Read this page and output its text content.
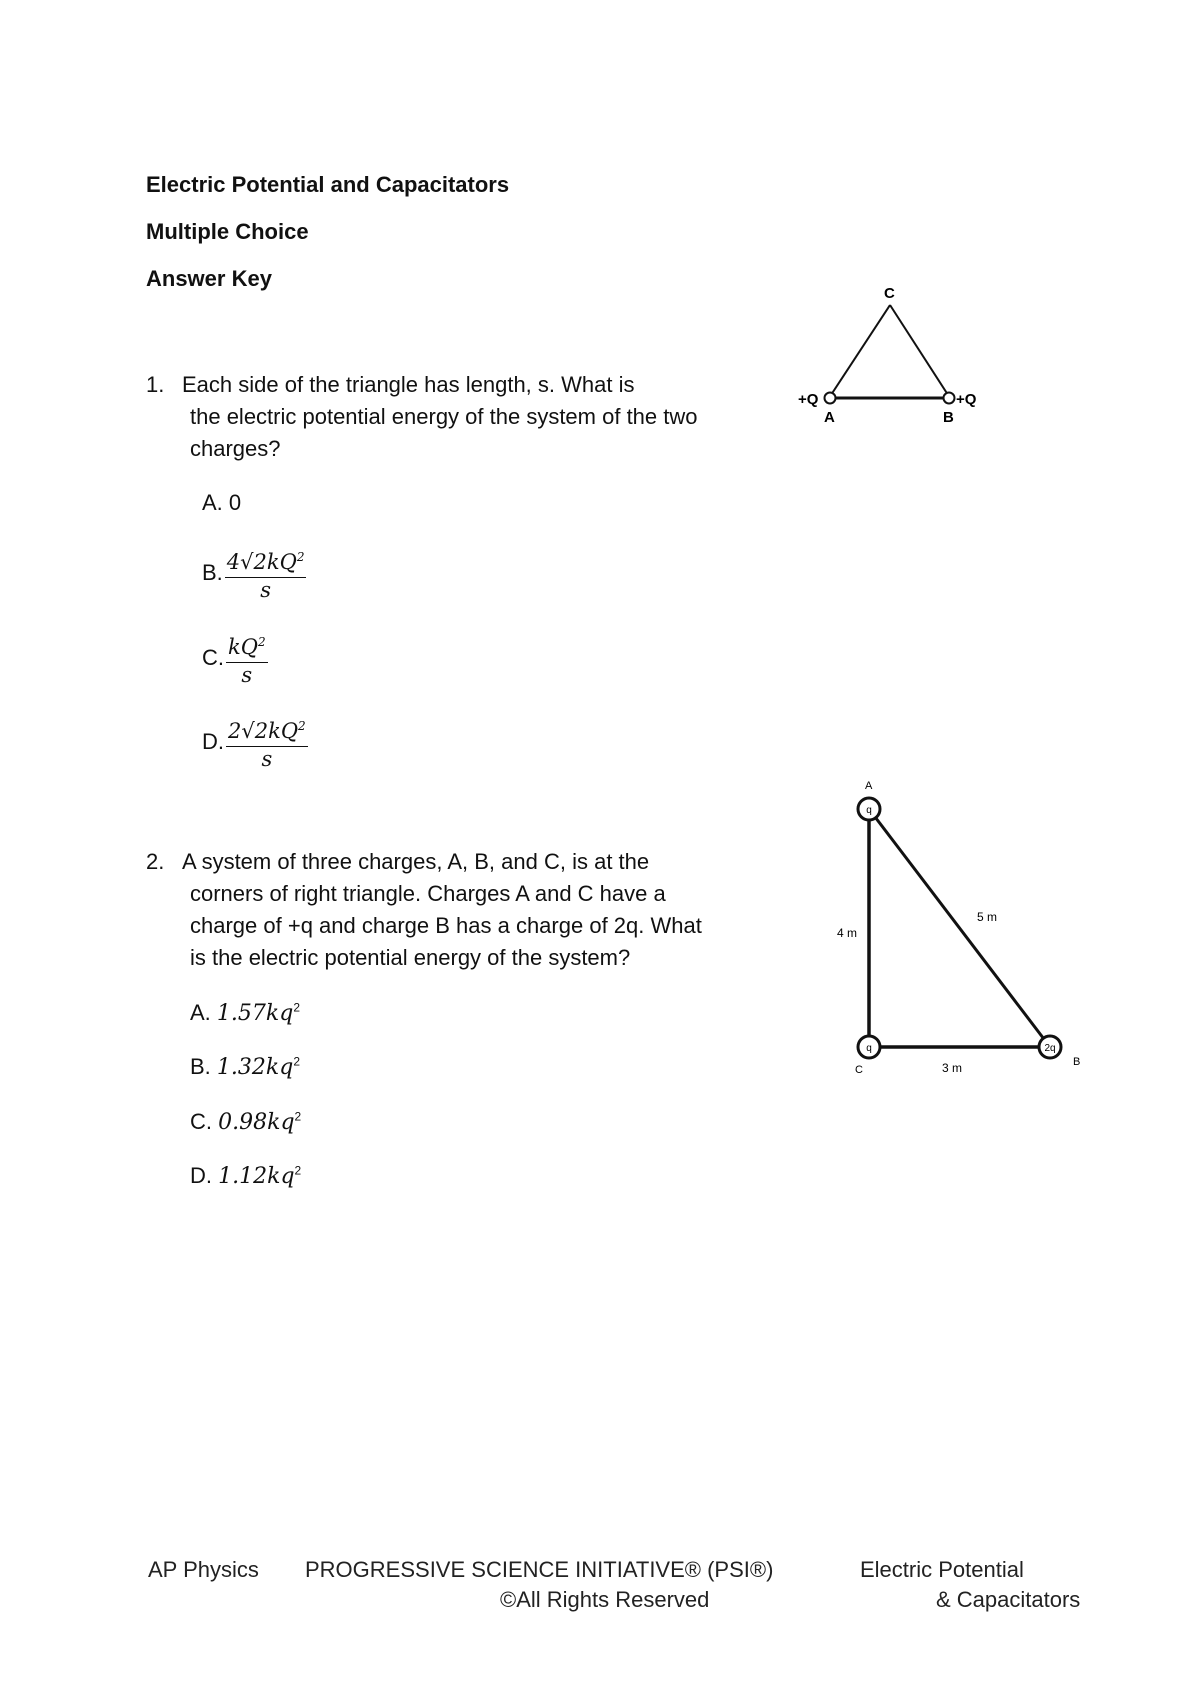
Electric Potential and Capacitators
Multiple Choice
Answer Key
1. Each side of the triangle has length, s. What is
the electric potential energy of the system of the two
charges?
A. 0
B. $\frac{4√2kQ^2}{s}$
C. $\frac{kQ^2}{s}$
D. $\frac{2√2kQ^2}{s}$
C
+Q	+Q
A	B
2. A system of three charges, A, B, and C, is at the
corners of right triangle. Charges A and C have a
charge of +q and charge B has a charge of 2q. What
is the electric potential energy of the system?
A. $1.57kq^2$
B. $1.32kq^2$
C. $0.98kq^2$
D. $1.12kq^2$
q
q	2q
A
C
B
4 m
5 m
3 m
AP Physics PROGRESSIVE SCIENCE INITIATIVE® (PSI®)	Electric Potential
©All Rights Reserved	& Capacitators
